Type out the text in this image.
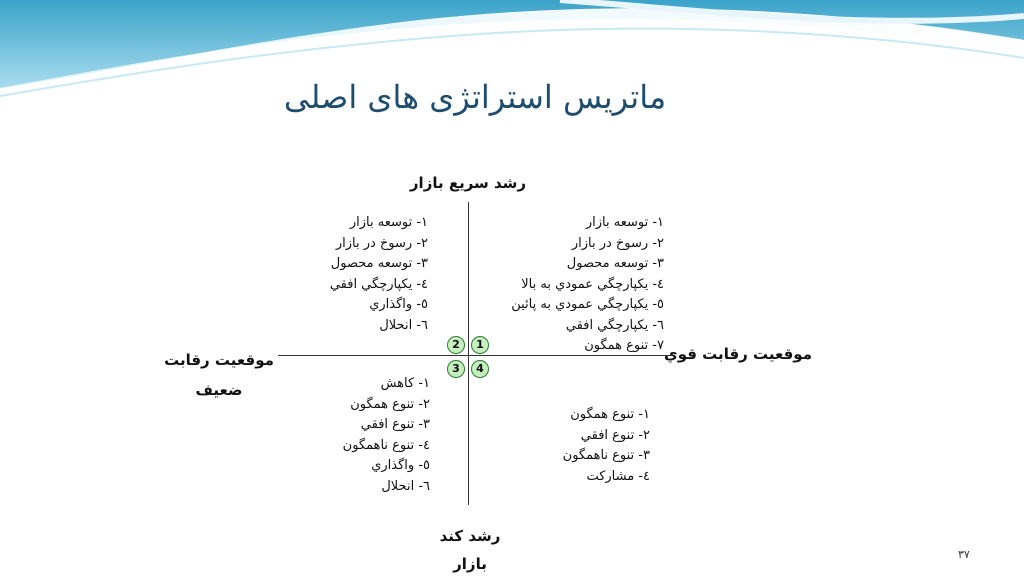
ماتریس استراتژی های اصلی
رشد سريع بازار
موقعيت رقابت قوي
موقعيت رقابت
ضعيف
رشد كند
بازار
١- توسعه بازار
٢- رسوخ در بازار
٣- توسعه محصول
٤- يكپارچگي عمودي به بالا
٥- يكپارچگي عمودي به پائين
٦- يكپارچگي افقي
٧- تنوع همگون
١- توسعه بازار
٢- رسوخ در بازار
٣- توسعه محصول
٤- يكپارچگي افقي
٥- واگذاري
٦- انحلال
١- كاهش
٢- تنوع همگون
٣- تنوع افقي
٤- تنوع ناهمگون
٥- واگذاري
٦- انحلال
١- تنوع همگون
٢- تنوع افقي
٣- تنوع ناهمگون
٤- مشاركت
1
2
3	4
٣٧
